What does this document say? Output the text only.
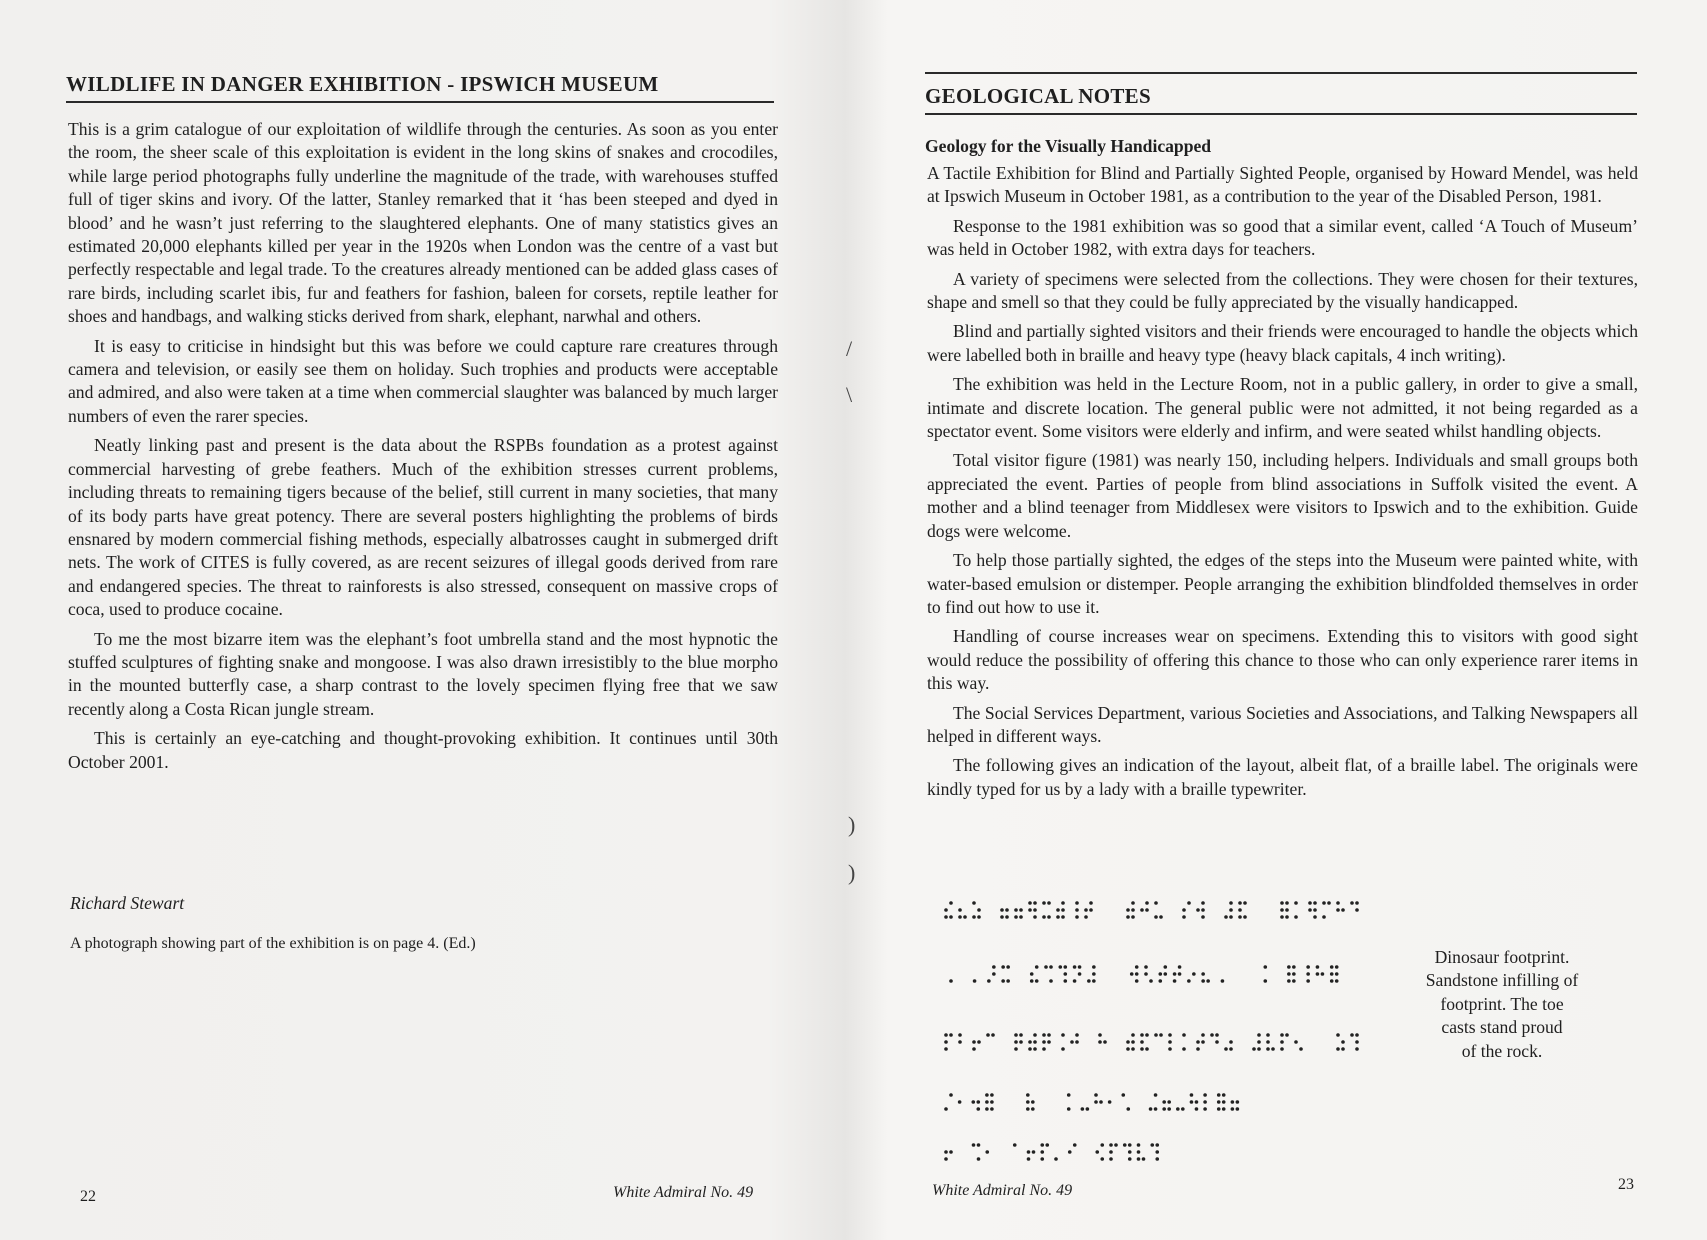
WILDLIFE IN DANGER EXHIBITION - IPSWICH MUSEUM

This is a grim catalogue of our exploitation of wildlife through the centuries. As soon as you enter the room, the sheer scale of this exploitation is evident in the long skins of snakes and crocodiles, while large period photographs fully underline the magnitude of the trade, with warehouses stuffed full of tiger skins and ivory. Of the latter, Stanley remarked that it ‘has been steeped and dyed in blood’ and he wasn’t just referring to the slaughtered elephants. One of many statistics gives an estimated 20,000 elephants killed per year in the 1920s when London was the centre of a vast but perfectly respectable and legal trade. To the creatures already mentioned can be added glass cases of rare birds, including scarlet ibis, fur and feathers for fashion, baleen for corsets, reptile leather for shoes and handbags, and walking sticks derived from shark, elephant, narwhal and others.

It is easy to criticise in hindsight but this was before we could capture rare creatures through camera and television, or easily see them on holiday. Such trophies and products were acceptable and admired, and also were taken at a time when commercial slaughter was balanced by much larger numbers of even the rarer species.

Neatly linking past and present is the data about the RSPBs foundation as a protest against commercial harvesting of grebe feathers. Much of the exhibition stresses current problems, including threats to remaining tigers because of the belief, still current in many societies, that many of its body parts have great potency. There are several posters highlighting the problems of birds ensnared by modern commercial fishing methods, especially albatrosses caught in submerged drift nets. The work of CITES is fully covered, as are recent seizures of illegal goods derived from rare and endangered species. The threat to rainforests is also stressed, consequent on massive crops of coca, used to produce cocaine.

To me the most bizarre item was the elephant’s foot umbrella stand and the most hypnotic the stuffed sculptures of fighting snake and mongoose. I was also drawn irresistibly to the blue morpho in the mounted butterfly case, a sharp contrast to the lovely specimen flying free that we saw recently along a Costa Rican jungle stream.

This is certainly an eye-catching and thought-provoking exhibition. It continues until 30th October 2001.

Richard Stewart
A photograph showing part of the exhibition is on page 4. (Ed.)
22	White Admiral No. 49
/
\
)
)
GEOLOGICAL NOTES
Geology for the Visually Handicapped

A Tactile Exhibition for Blind and Partially Sighted People, organised by Howard Mendel, was held at Ipswich Museum in October 1981, as a contribution to the year of the Disabled Person, 1981.

Response to the 1981 exhibition was so good that a similar event, called ‘A Touch of Museum’ was held in October 1982, with extra days for teachers.

A variety of specimens were selected from the collections. They were chosen for their textures, shape and smell so that they could be fully appreciated by the visually handicapped.

Blind and partially sighted visitors and their friends were encouraged to handle the objects which were labelled both in braille and heavy type (heavy black capitals, 4 inch writing).

The exhibition was held in the Lecture Room, not in a public gallery, in order to give a small, intimate and discrete location. The general public were not admitted, it not being regarded as a spectator event. Some visitors were elderly and infirm, and were seated whilst handling objects.

Total visitor figure (1981) was nearly 150, including helpers. Individuals and small groups both appreciated the event. Parties of people from blind associations in Suffolk visited the event. A mother and a blind teenager from Middlesex were visitors to Ipswich and to the exhibition. Guide dogs were welcome.

To help those partially sighted, the edges of the steps into the Museum were painted white, with water-based emulsion or distemper. People arranging the exhibition blindfolded themselves in order to find out how to use it.

Handling of course increases wear on specimens. Extending this to visitors with good sight would reduce the possibility of offering this chance to those who can only experience rarer items in this way.

The Social Services Department, various Societies and Associations, and Talking Newspapers all helped in different ways.

The following gives an indication of the layout, albeit flat, of a braille label. The originals were kindly typed for us by a lady with a braille typewriter.

Dinosaur footprint.
Sandstone infilling of
footprint. The toe
casts stand proud
of the rock.
White Admiral No. 49	23
